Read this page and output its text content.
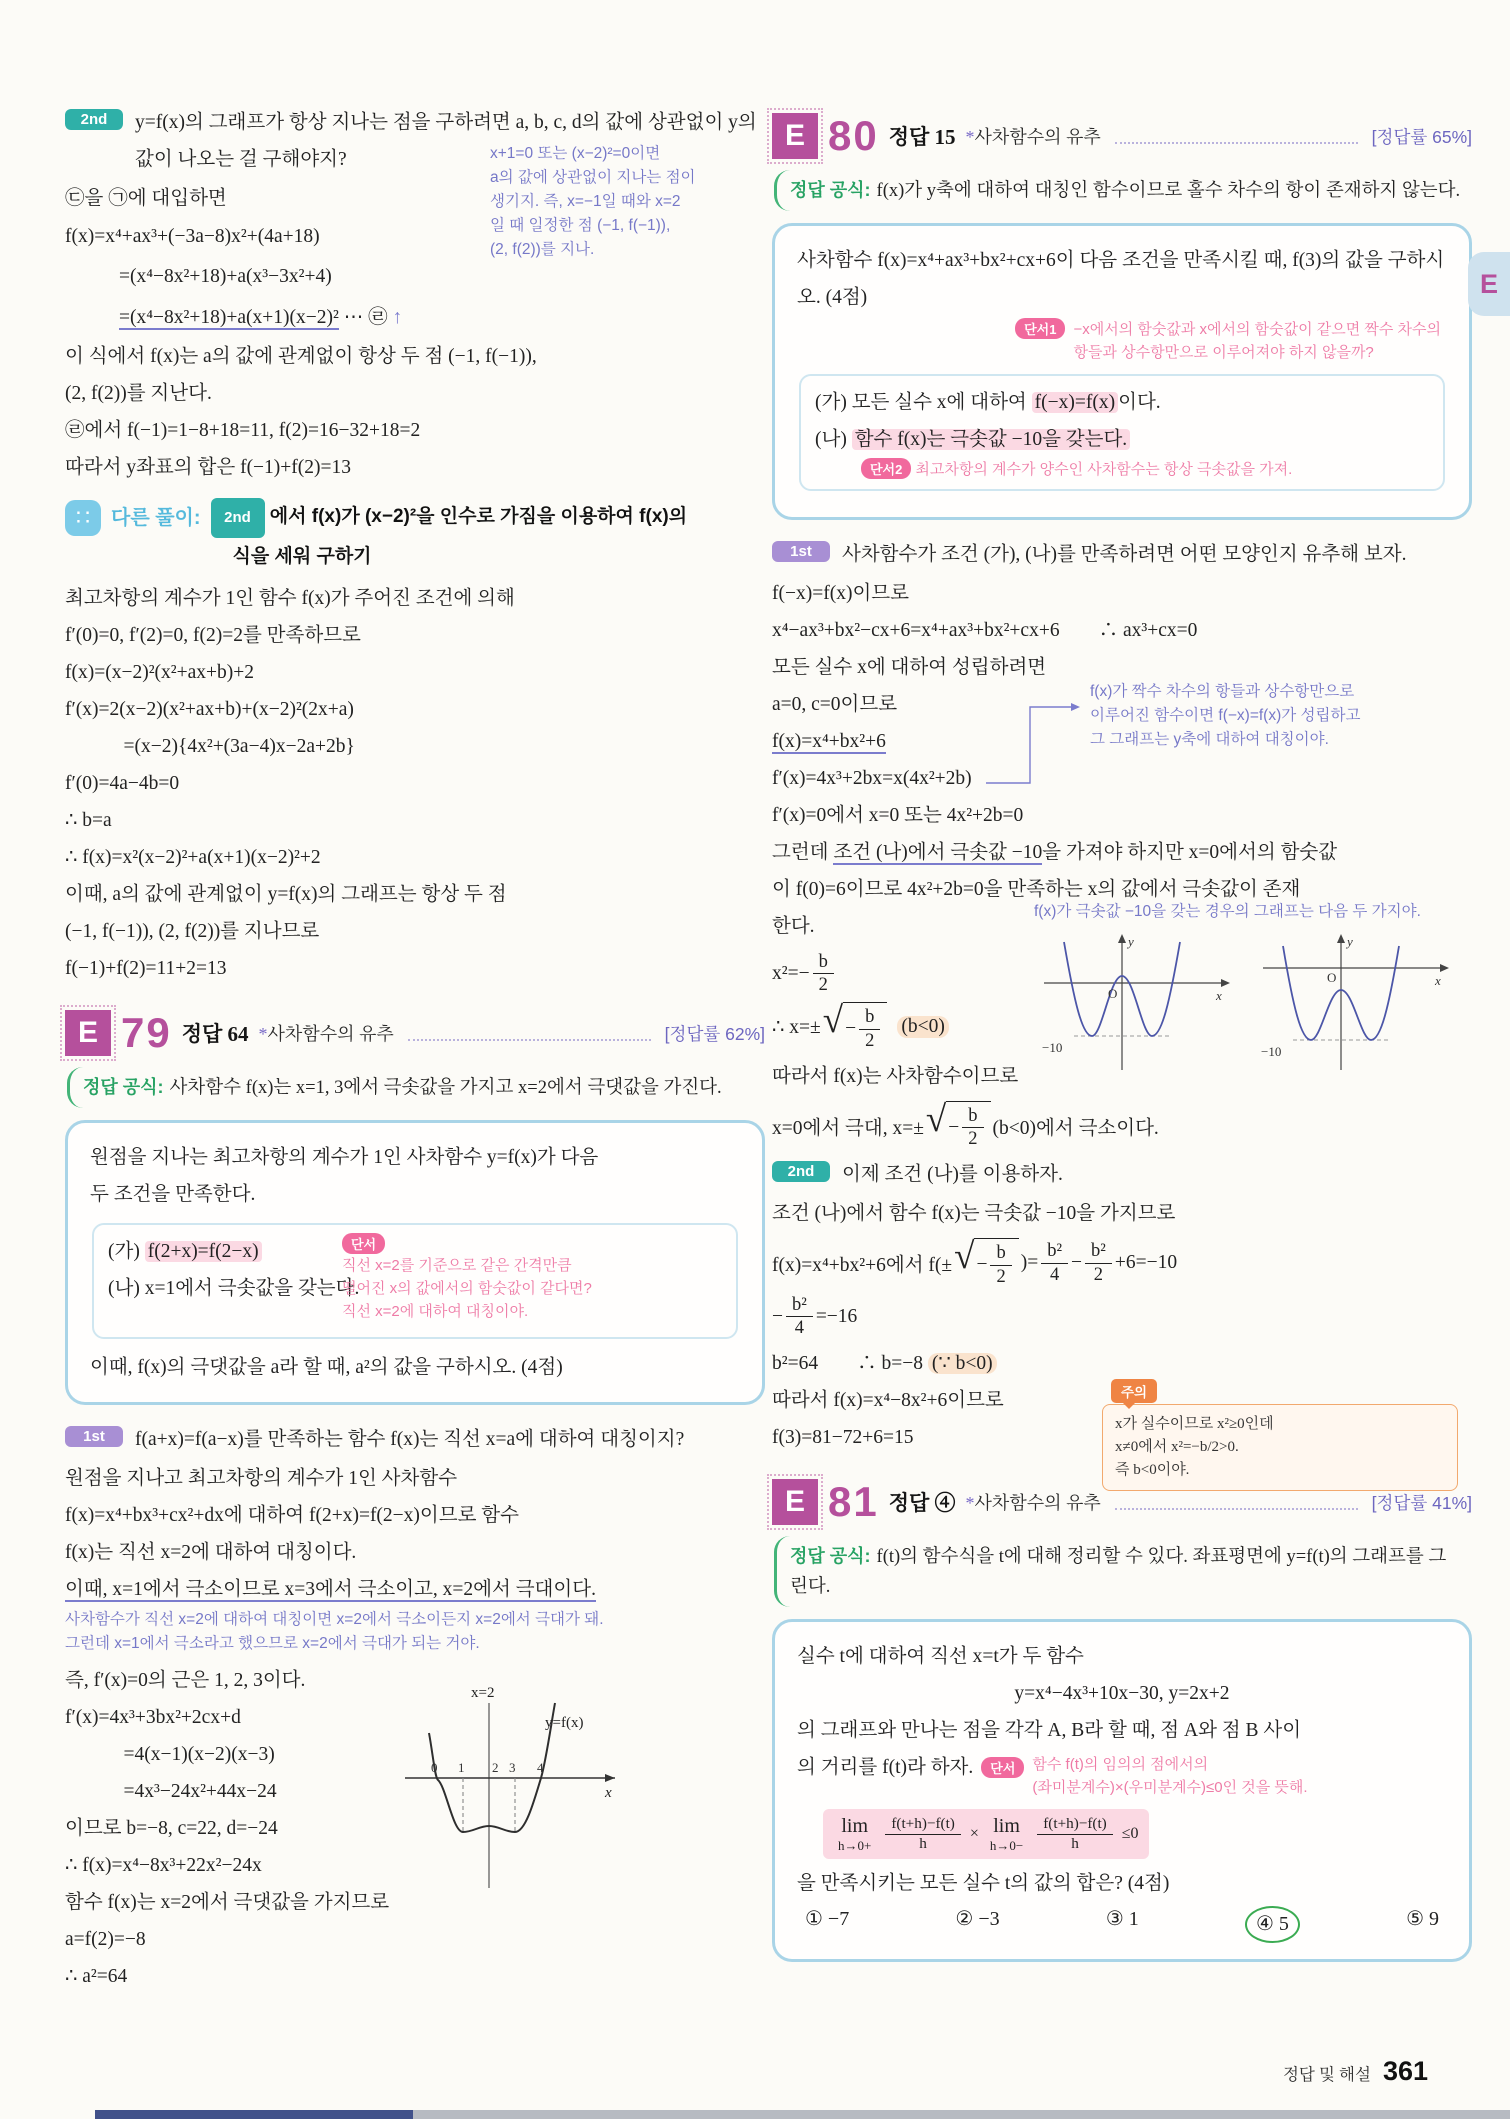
2nd	y=f(x)의 그래프가 항상 지나는 점을 구하려면 a, b, c, d의 값에 상관없이 y의 값이 나오는 걸 구해야지?
㉢을 ㉠에 대입하면
f(x)=x⁴+ax³+(−3a−8)x²+(4a+18)
=(x⁴−8x²+18)+a(x³−3x²+4)
=(x⁴−8x²+18)+a(x+1)(x−2)² ⋯ ㉣ ↑
x+1=0 또는 (x−2)²=0이면
a의 값에 상관없이 지나는 점이
생기지. 즉, x=−1일 때와 x=2
일 때 일정한 점 (−1, f(−1)),
(2, f(2))를 지나.
이 식에서 f(x)는 a의 값에 관계없이 항상 두 점 (−1, f(−1)),
(2, f(2))를 지난다.
㉣에서 f(−1)=1−8+18=11, f(2)=16−32+18=2
따라서 y좌표의 합은 f(−1)+f(2)=13
∷	다른 풀이:	2nd 에서 f(x)가 (x−2)²을 인수로 가짐을 이용하여 f(x)의
식을 세워 구하기
최고차항의 계수가 1인 함수 f(x)가 주어진 조건에 의해
f′(0)=0, f′(2)=0, f(2)=2를 만족하므로
f(x)=(x−2)²(x²+ax+b)+2
f′(x)=2(x−2)(x²+ax+b)+(x−2)²(2x+a)
　　　=(x−2){4x²+(3a−4)x−2a+2b}
f′(0)=4a−4b=0
∴ b=a
∴ f(x)=x²(x−2)²+a(x+1)(x−2)²+2
이때, a의 값에 관계없이 y=f(x)의 그래프는 항상 두 점
(−1, f(−1)), (2, f(2))를 지나므로
f(−1)+f(2)=11+2=13
E 79 정답 64 *사차함수의 유추	[정답률 62%]
정답 공식: 사차함수 f(x)는 x=1, 3에서 극솟값을 가지고 x=2에서 극댓값을 가진다.
원점을 지나는 최고차항의 계수가 1인 사차함수 y=f(x)가 다음
두 조건을 만족한다.
(가) f(2+x)=f(2−x)	단서
직선 x=2를 기준으로 같은 간격만큼
떨어진 x의 값에서의 함숫값이 같다면?
직선 x=2에 대하여 대칭이야.
(나) x=1에서 극솟값을 갖는다.
이때, f(x)의 극댓값을 a라 할 때, a²의 값을 구하시오. (4점)
1st	f(a+x)=f(a−x)를 만족하는 함수 f(x)는 직선 x=a에 대하여 대칭이지?
원점을 지나고 최고차항의 계수가 1인 사차함수
f(x)=x⁴+bx³+cx²+dx에 대하여 f(2+x)=f(2−x)이므로 함수
f(x)는 직선 x=2에 대하여 대칭이다.
이때, x=1에서 극소이므로 x=3에서 극소이고, x=2에서 극대이다.
사차함수가 직선 x=2에 대하여 대칭이면 x=2에서 극소이든지 x=2에서 극대가 돼.
그런데 x=1에서 극소라고 했으므로 x=2에서 극대가 되는 거야.
즉, f′(x)=0의 근은 1, 2, 3이다.
f′(x)=4x³+3bx²+2cx+d
　　　=4(x−1)(x−2)(x−3)
　　　=4x³−24x²+44x−24
이므로 b=−8, c=22, d=−24
∴ f(x)=x⁴−8x³+22x²−24x
함수 f(x)는 x=2에서 극댓값을 가지므로
a=f(2)=−8
∴ a²=64
x=2
y=f(x)
0 1 2 3 4
x
E 80 정답 15 *사차함수의 유추	[정답률 65%]
정답 공식: f(x)가 y축에 대하여 대칭인 함수이므로 홀수 차수의 항이 존재하지 않는다.
사차함수 f(x)=x⁴+ax³+bx²+cx+6이 다음 조건을 만족시킬 때, f(3)의 값을 구하시오. (4점)
단서1	−x에서의 함숫값과 x에서의 함숫값이 같으면 짝수 차수의
항들과 상수항만으로 이루어져야 하지 않을까?
(가) 모든 실수 x에 대하여 f(−x)=f(x) 이다.
(나) 함수 f(x)는 극솟값 −10을 갖는다.
단서2 최고차항의 계수가 양수인 사차함수는 항상 극솟값을 가져.
1st	사차함수가 조건 (가), (나)를 만족하려면 어떤 모양인지 유추해 보자.
f(−x)=f(x)이므로
x⁴−ax³+bx²−cx+6=x⁴+ax³+bx²+cx+6　　∴ ax³+cx=0
모든 실수 x에 대하여 성립하려면
a=0, c=0이므로
f(x)=x⁴+bx²+6
f(x)가 짝수 차수의 항들과 상수항만으로
이루어진 함수이면 f(−x)=f(x)가 성립하고
그 그래프는 y축에 대하여 대칭이야.
f′(x)=4x³+2bx=x(4x²+2b)
f′(x)=0에서 x=0 또는 4x²+2b=0
그런데 조건 (나)에서 극솟값 −10을 가져야 하지만 x=0에서의 함숫값
이 f(0)=6이므로 4x²+2b=0을 만족하는 x의 값에서 극솟값이 존재
한다.
f(x)가 극솟값 −10을 갖는 경우의 그래프는 다음 두 가지야.
y
O	x
−10
y
O	x
−10
$x^2=- \frac{b}{2}$
∴ x=± √ − $\frac{b}{2} (b<0)$
따라서 f(x)는 사차함수이므로
x=0에서 극대, x=± √ − $\frac{b}{2} (b<0)$에서 극소이다.
2nd	이제 조건 (나)를 이용하자.
조건 (나)에서 함수 f(x)는 극솟값 −10을 가지므로
f(x)=x⁴+bx²+6에서 f(± √ − $\frac{b}{2}$ )= $\frac{\text{b²}}{4} - \frac{\text{b²}}{2} +6=-10$
− $\frac{\text{b²}}{4} =-16$
주의
x가 실수이므로 x²≥0인데
x≠0에서 x²=−b/2>0.
즉 b<0이야.
b²=64　　∴ b=−8 (∵ b<0)
따라서 f(x)=x⁴−8x²+6이므로
f(3)=81−72+6=15
E 81 정답 ④ *사차함수의 유추	[정답률 41%]
정답 공식: f(t)의 함수식을 t에 대해 정리할 수 있다. 좌표평면에 y=f(t)의 그래프를 그린다.
실수 t에 대하여 직선 x=t가 두 함수
y=x⁴−4x³+10x−30, y=2x+2
의 그래프와 만나는 점을 각각 A, B라 할 때, 점 A와 점 B 사이
의 거리를 f(t)라 하자.	단서	함수 f(t)의 임의의 점에서의
(좌미분계수)×(우미분계수)≤0인 것을 뜻해.
lim
$h\to 0+ \frac{f(t+h)-f(t)}{h} \times \lim$
$h\to 0- \frac{f(t+h)-f(t)}{h} \le 0$
을 만족시키는 모든 실수 t의 값의 합은? (4점)
① −7	② −3	③ 1	④ 5	⑤ 9
E
정답 및 해설 361
